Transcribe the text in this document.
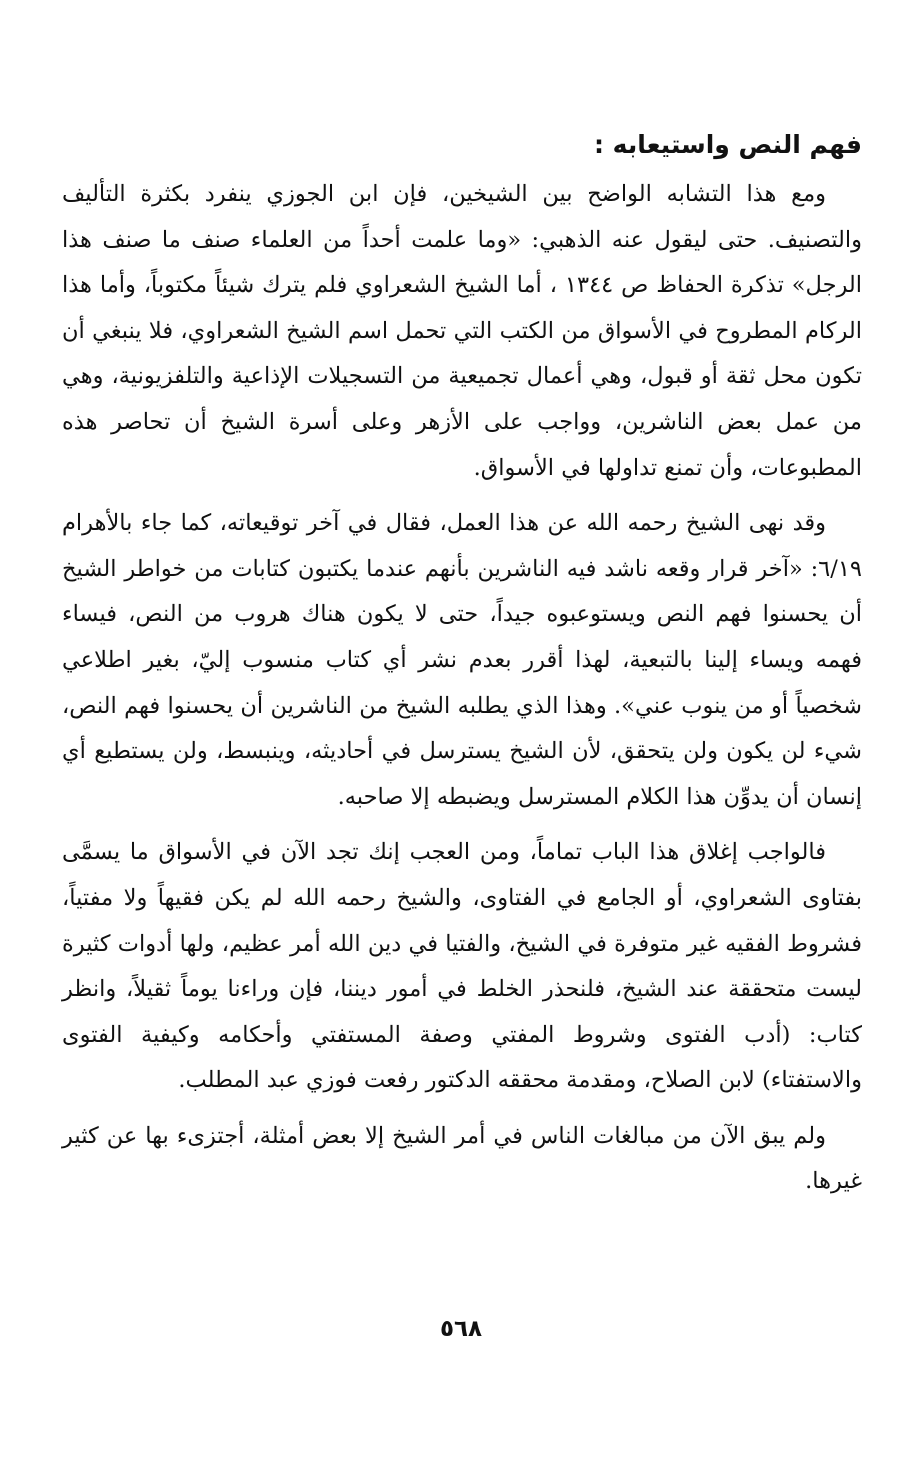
فهم النص واستيعابه :

ومع هذا التشابه الواضح بين الشيخين، فإن ابن الجوزي ينفرد بكثرة التأليف والتصنيف. حتى ليقول عنه الذهبي: «وما علمت أحداً من العلماء صنف ما صنف هذا الرجل» تذكرة الحفاظ ص ١٣٤٤ ، أما الشيخ الشعراوي فلم يترك شيئاً مكتوباً، وأما هذا الركام المطروح في الأسواق من الكتب التي تحمل اسم الشيخ الشعراوي، فلا ينبغي أن تكون محل ثقة أو قبول، وهي أعمال تجميعية من التسجيلات الإذاعية والتلفزيونية، وهي من عمل بعض الناشرين، وواجب على الأزهر وعلى أسرة الشيخ أن تحاصر هذه المطبوعات، وأن تمنع تداولها في الأسواق.

وقد نهى الشيخ رحمه الله عن هذا العمل، فقال في آخر توقيعاته، كما جاء بالأهرام ٦/١٩: «آخر قرار وقعه ناشد فيه الناشرين بأنهم عندما يكتبون كتابات من خواطر الشيخ أن يحسنوا فهم النص ويستوعبوه جيداً، حتى لا يكون هناك هروب من النص، فيساء فهمه ويساء إلينا بالتبعية، لهذا أقرر بعدم نشر أي كتاب منسوب إليّ، بغير اطلاعي شخصياً أو من ينوب عني». وهذا الذي يطلبه الشيخ من الناشرين أن يحسنوا فهم النص، شيء لن يكون ولن يتحقق، لأن الشيخ يسترسل في أحاديثه، وينبسط، ولن يستطيع أي إنسان أن يدوِّن هذا الكلام المسترسل ويضبطه إلا صاحبه.

فالواجب إغلاق هذا الباب تماماً، ومن العجب إنك تجد الآن في الأسواق ما يسمَّى بفتاوى الشعراوي، أو الجامع في الفتاوى، والشيخ رحمه الله لم يكن فقيهاً ولا مفتياً، فشروط الفقيه غير متوفرة في الشيخ، والفتيا في دين الله أمر عظيم، ولها أدوات كثيرة ليست متحققة عند الشيخ، فلنحذر الخلط في أمور ديننا، فإن وراءنا يوماً ثقيلاً، وانظر كتاب: (أدب الفتوى وشروط المفتي وصفة المستفتي وأحكامه وكيفية الفتوى والاستفتاء) لابن الصلاح، ومقدمة محققه الدكتور رفعت فوزي عبد المطلب.

ولم يبق الآن من مبالغات الناس في أمر الشيخ إلا بعض أمثلة، أجتزىء بها عن كثير غيرها.

٥٦٨
